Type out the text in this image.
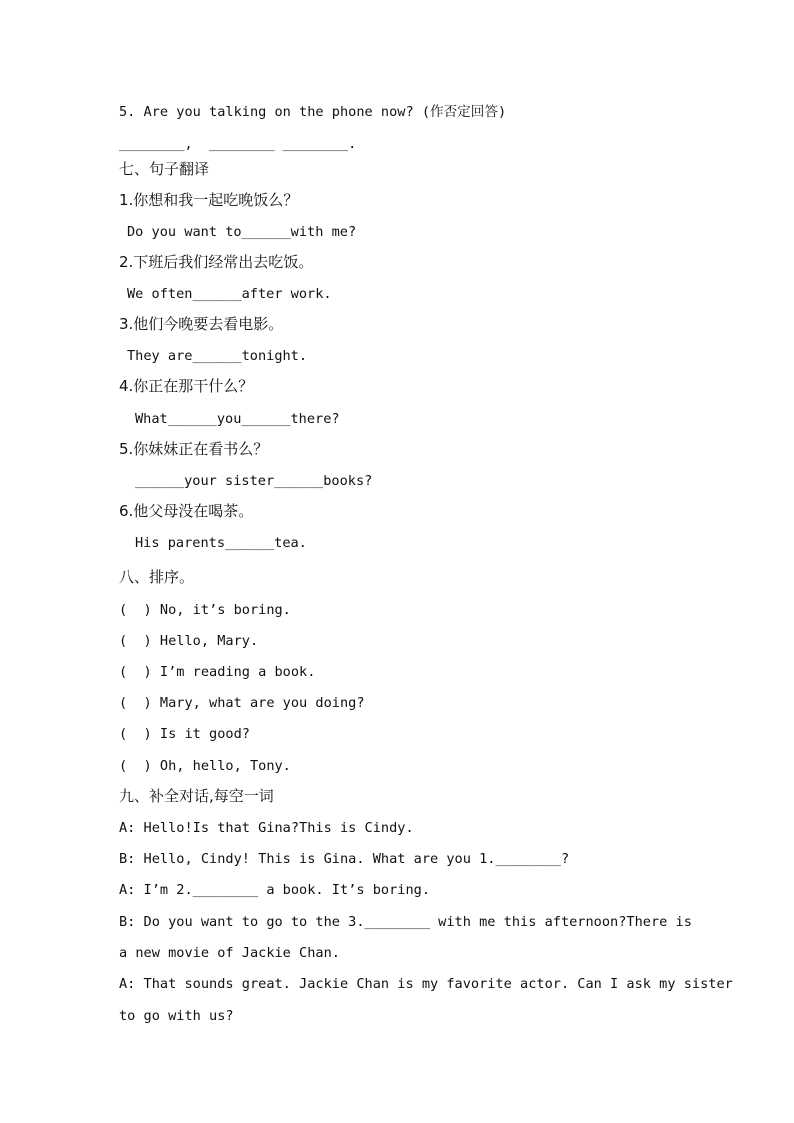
5. Are you talking on the phone now? (作否定回答)
________,  ________ ________.
七、句子翻译
1.你想和我一起吃晚饭么？
Do you want to______with me?
2.下班后我们经常出去吃饭。
We often______after work.
3.他们今晚要去看电影。
They are______tonight.
4.你正在那干什么？
What______you______there?
5.你妹妹正在看书么？
______your sister______books?
6.他父母没在喝茶。
His parents______tea.
八、排序。
(  ) No, it’s boring.
(  ) Hello, Mary.
(  ) I’m reading a book.
(  ) Mary, what are you doing?
(  ) Is it good?
(  ) Oh, hello, Tony.
九、补全对话,每空一词
A: Hello!Is that Gina?This is Cindy.
B: Hello, Cindy! This is Gina. What are you 1.________?
A: I’m 2.________ a book. It’s boring.
B: Do you want to go to the 3.________ with me this afternoon?There is
a new movie of Jackie Chan.
A: That sounds great. Jackie Chan is my favorite actor. Can I ask my sister
to go with us?
